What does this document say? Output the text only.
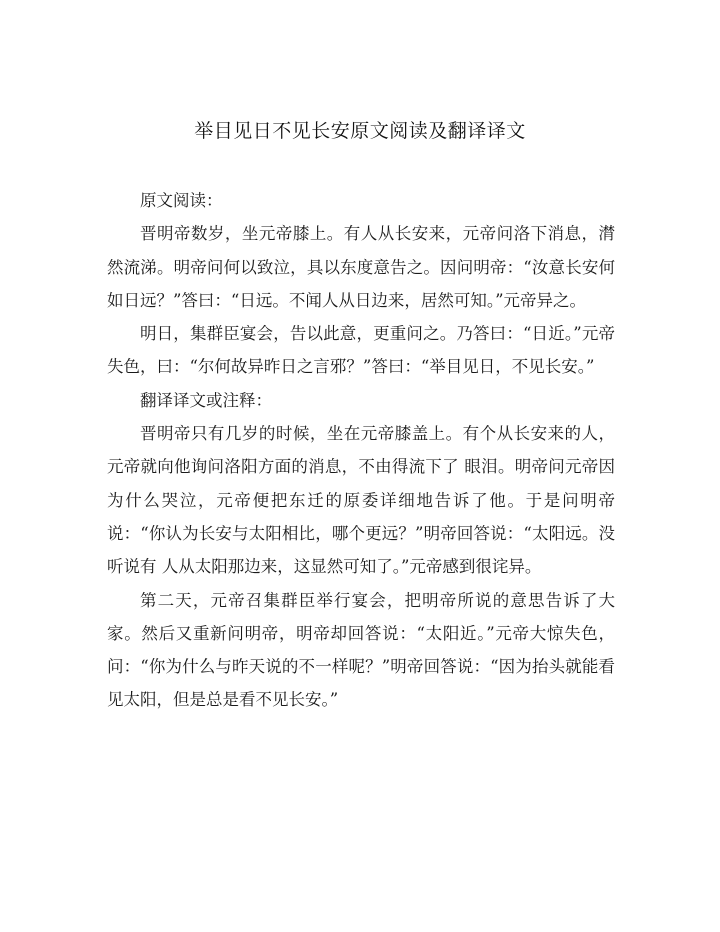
举目见日不见长安原文阅读及翻译译文

原文阅读：

晋明帝数岁，坐元帝膝上。有人从长安来，元帝问洛下消息，潸然流涕。明帝问何以致泣，具以东度意告之。因问明帝：“汝意长安何如日远？”答曰：“日远。不闻人从日边来，居然可知。”元帝异之。

明日，集群臣宴会，告以此意，更重问之。乃答曰：“日近。”元帝失色，曰：“尔何故异昨日之言邪？”答曰：“举目见日，不见长安。”

翻译译文或注释：

晋明帝只有几岁的时候，坐在元帝膝盖上。有个从长安来的人，元帝就向他询问洛阳方面的消息，不由得流下了 眼泪。明帝问元帝因为什么哭泣，元帝便把东迁的原委详细地告诉了他。于是问明帝说：“你认为长安与太阳相比，哪个更远？”明帝回答说：“太阳远。没听说有 人从太阳那边来，这显然可知了。”元帝感到很诧异。

第二天，元帝召集群臣举行宴会，把明帝所说的意思告诉了大家。然后又重新问明帝，明帝却回答说：“太阳近。”元帝大惊失色，问：“你为什么与昨天说的不一样呢？”明帝回答说：“因为抬头就能看见太阳，但是总是看不见长安。”
